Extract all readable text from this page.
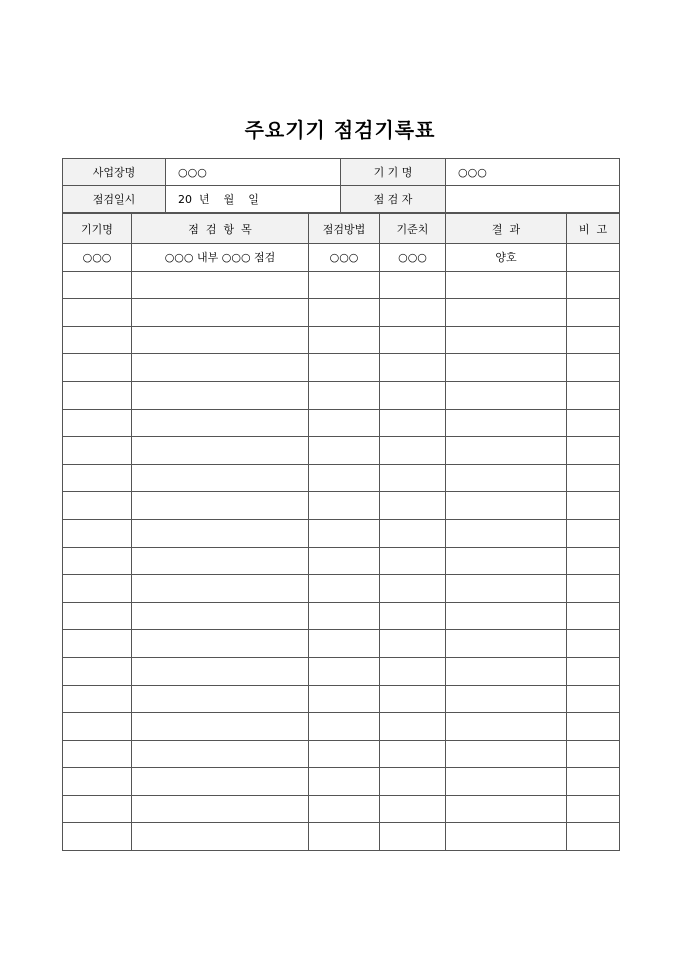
주요기기 점검기록표
사업장명	○○○	기 기 명	○○○
점검일시	20  년    월    일	점 검 자	
기기명	점  검  항  목	점검방법	기준치	결  과	비  고
○○○	○○○ 내부 ○○○ 점검	○○○	○○○	양호	
